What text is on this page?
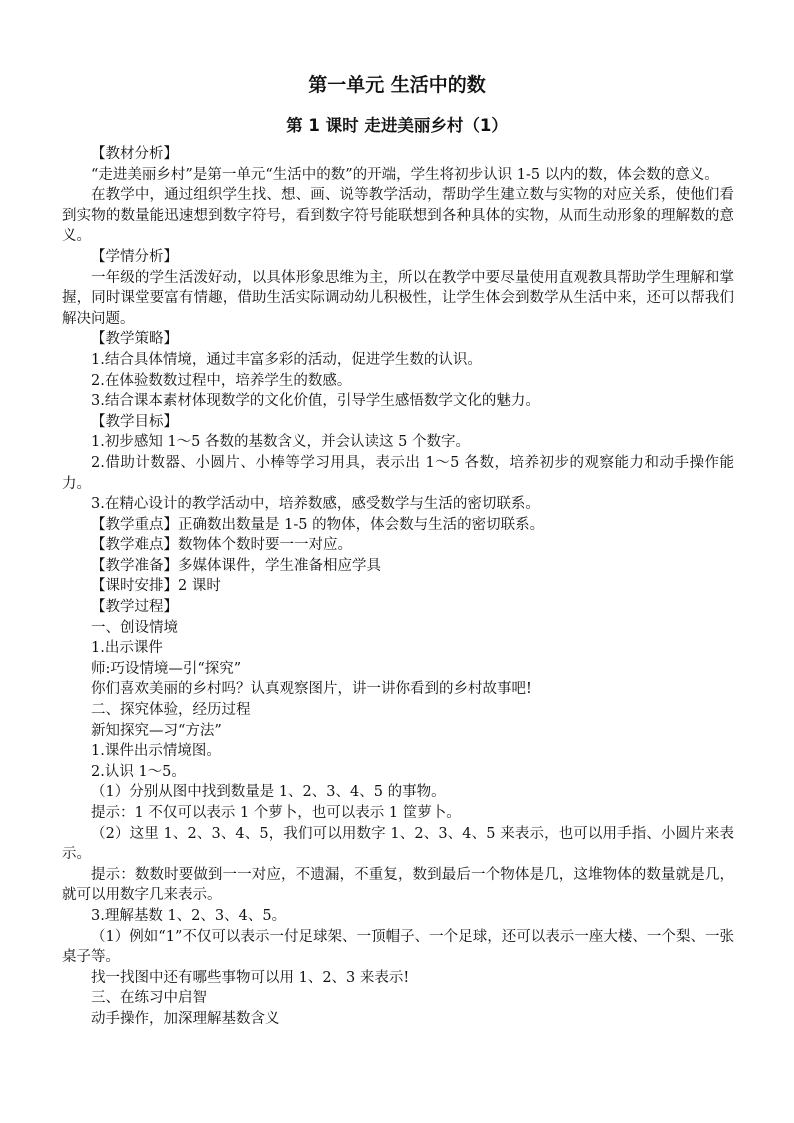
第一单元 生活中的数
第 1 课时 走进美丽乡村（1）

【教材分析】

“走进美丽乡村”是第一单元“生活中的数”的开端，学生将初步认识 1-5 以内的数，体会数的意义。

在教学中，通过组织学生找、想、画、说等教学活动，帮助学生建立数与实物的对应关系，使他们看到实物的数量能迅速想到数字符号，看到数字符号能联想到各种具体的实物，从而生动形象的理解数的意义。

【学情分析】

一年级的学生活泼好动，以具体形象思维为主，所以在教学中要尽量使用直观教具帮助学生理解和掌握，同时课堂要富有情趣，借助生活实际调动幼儿积极性，让学生体会到数学从生活中来，还可以帮我们解决问题。

【教学策略】

1.结合具体情境，通过丰富多彩的活动，促进学生数的认识。

2.在体验数数过程中，培养学生的数感。

3.结合课本素材体现数学的文化价值，引导学生感悟数学文化的魅力。

【教学目标】

1.初步感知 1～5 各数的基数含义，并会认读这 5 个数字。

2.借助计数器、小圆片、小棒等学习用具，表示出 1～5 各数，培养初步的观察能力和动手操作能力。

3.在精心设计的教学活动中，培养数感，感受数学与生活的密切联系。

【教学重点】正确数出数量是 1-5 的物体，体会数与生活的密切联系。

【教学难点】数物体个数时要一一对应。

【教学准备】多媒体课件，学生准备相应学具

【课时安排】2 课时

【教学过程】

一、创设情境

1.出示课件

师:巧设情境—引“探究”

你们喜欢美丽的乡村吗？认真观察图片，讲一讲你看到的乡村故事吧!

二、探究体验，经历过程

新知探究—习“方法”

1.课件出示情境图。

2.认识 1～5。

（1）分别从图中找到数量是 1、2、3、4、5 的事物。

提示：1 不仅可以表示 1 个萝卜，也可以表示 1 筐萝卜。

（2）这里 1、2、3、4、5，我们可以用数字 1、2、3、4、5 来表示，也可以用手指、小圆片来表示。

提示：数数时要做到一一对应，不遗漏，不重复，数到最后一个物体是几，这堆物体的数量就是几，就可以用数字几来表示。

3.理解基数 1、2、3、4、5。

（1）例如“1”不仅可以表示一付足球架、一顶帽子、一个足球，还可以表示一座大楼、一个梨、一张桌子等。

找一找图中还有哪些事物可以用 1、2、3 来表示!

三、在练习中启智

动手操作，加深理解基数含义
